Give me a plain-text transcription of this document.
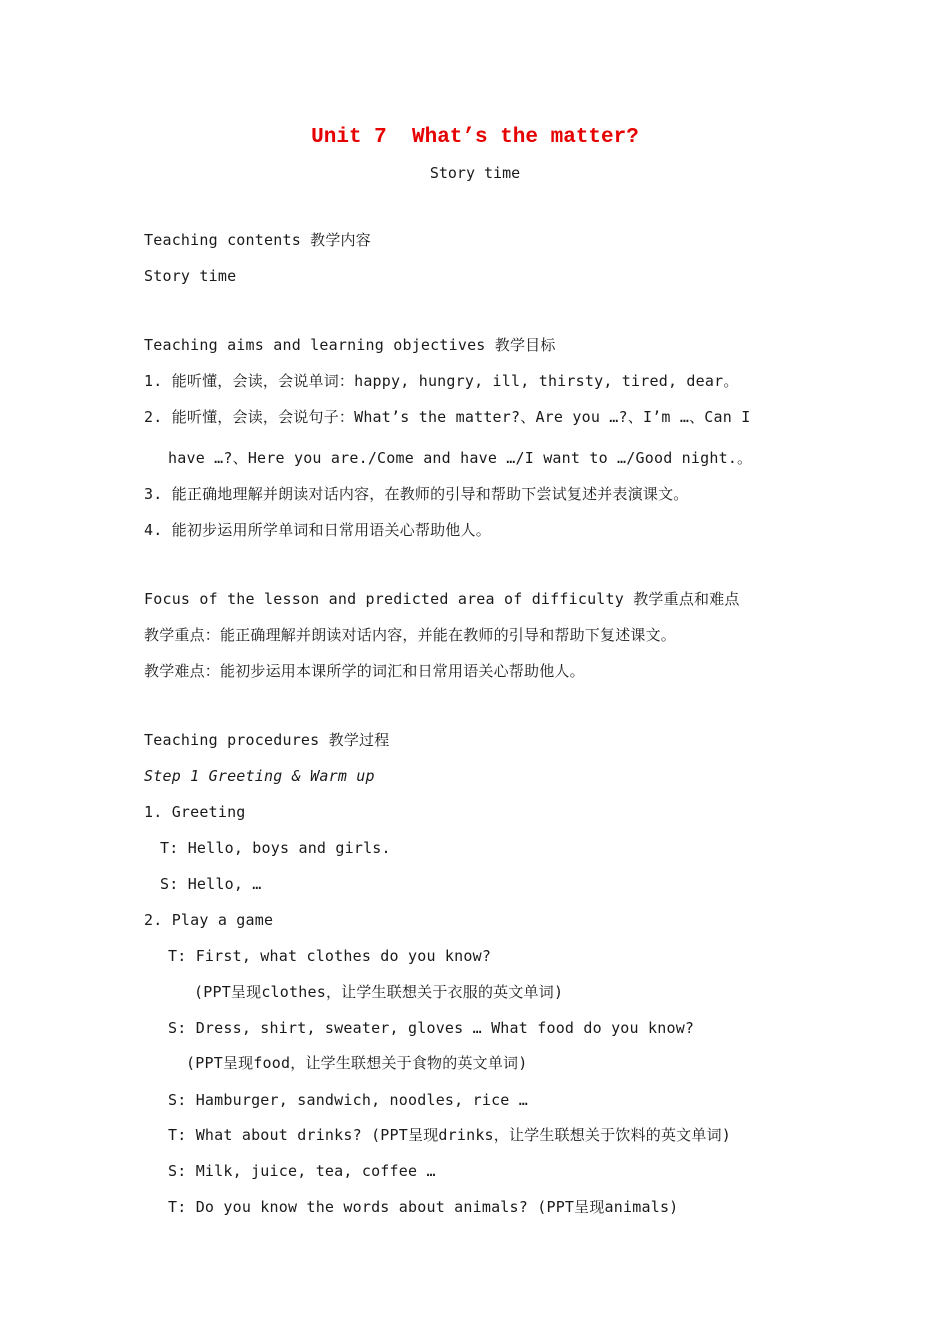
Unit 7  What’s the matter?
Story time
Teaching contents 教学内容
Story time
Teaching aims and learning objectives 教学目标
1. 能听懂，会读，会说单词：happy, hungry, ill, thirsty, tired, dear。
2. 能听懂，会读，会说句子：What’s the matter?、Are you …?、I’m …、Can I
have …?、Here you are./Come and have …/I want to …/Good night.。
3. 能正确地理解并朗读对话内容，在教师的引导和帮助下尝试复述并表演课文。
4. 能初步运用所学单词和日常用语关心帮助他人。
Focus of the lesson and predicted area of difficulty 教学重点和难点
教学重点：能正确理解并朗读对话内容，并能在教师的引导和帮助下复述课文。
教学难点：能初步运用本课所学的词汇和日常用语关心帮助他人。
Teaching procedures 教学过程
Step 1 Greeting & Warm up
1. Greeting
T: Hello, boys and girls.
S: Hello, …
2. Play a game
T: First, what clothes do you know?
(PPT呈现clothes，让学生联想关于衣服的英文单词)
S: Dress, shirt, sweater, gloves … What food do you know?
(PPT呈现food，让学生联想关于食物的英文单词)
S: Hamburger, sandwich, noodles, rice …
T: What about drinks? (PPT呈现drinks，让学生联想关于饮料的英文单词)
S: Milk, juice, tea, coffee …
T: Do you know the words about animals? (PPT呈现animals)
